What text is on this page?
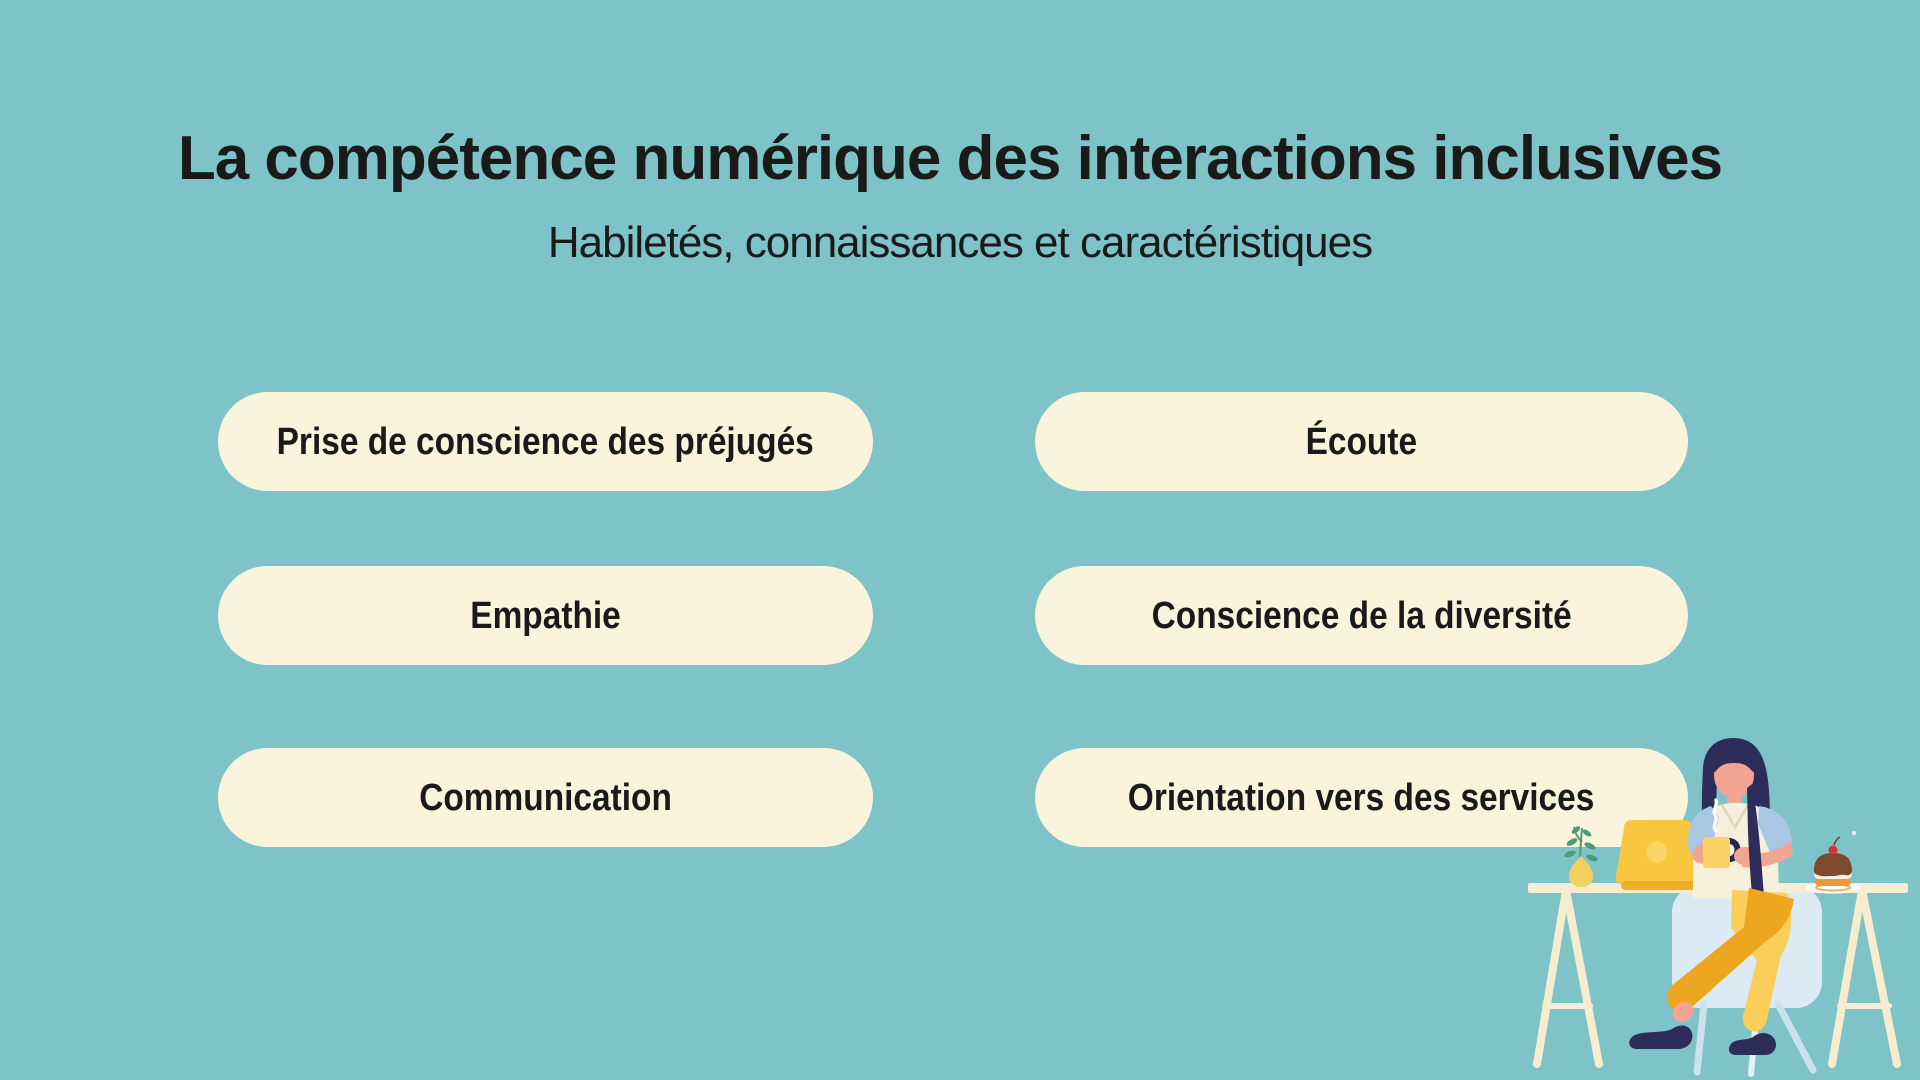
La compétence numérique des interactions inclusives
Habiletés, connaissances et caractéristiques
Prise de conscience des préjugés
Empathie
Communication
Écoute
Conscience de la diversité
Orientation vers des services
